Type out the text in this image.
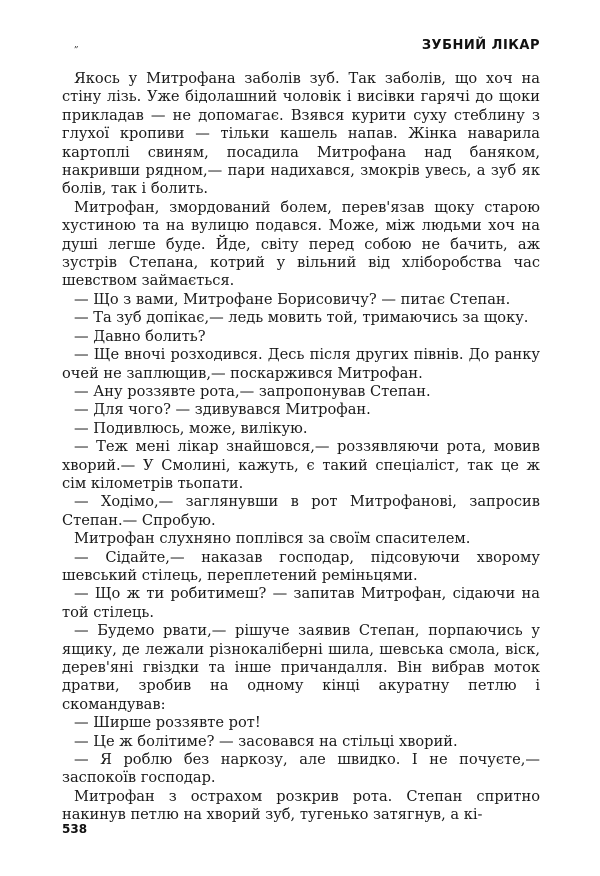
„	ЗУБНИЙ ЛІКАР

Якось у Митрофана заболів зуб. Так заболів, що хоч на стіну лізь. Уже бідолашний чоловік і висівки гарячі до щоки прикладав — не допомагає. Взявся курити суху стеблину з глухої кропиви — тільки кашель напав. Жінка наварила картоплі свиням, посадила Митрофана над баняком, накривши рядном,— пари надихався, змокрів увесь, а зуб як болів, так і болить.

Митрофан, змордований болем, перев'язав щоку старою хустиною та на вулицю подався. Може, між людьми хоч на душі легше буде. Йде, світу перед собою не бачить, аж зустрів Степана, котрий у вільний від хліборобства час шевством займається.

— Що з вами, Митрофане Борисовичу? — питає Степан.

— Та зуб допікає,— ледь мовить той, тримаючись за щоку.

— Давно болить?

— Ще вночі розходився. Десь після других півнів. До ранку очей не заплющив,— поскаржився Митрофан.

— Ану роззявте рота,— запропонував Степан.

— Для чого? — здивувався Митрофан.

— Подивлюсь, може, вилікую.

— Теж мені лікар знайшовся,— роззявляючи рота, мовив хворий.— У Смолині, кажуть, є такий спеціаліст, так це ж сім кілометрів тьопати.

— Ходімо,— заглянувши в рот Митрофанові, запросив Степан.— Спробую.

Митрофан слухняно поплівся за своїм спасителем.

— Сідайте,— наказав господар, підсовуючи хворому шевський стілець, переплетений реміньцями.

— Що ж ти робитимеш? — запитав Митрофан, сідаючи на той стілець.

— Будемо рвати,— рішуче заявив Степан, порпаючись у ящику, де лежали різнокаліберні шила, шевська смола, віск, дерев'яні гвіздки та інше причандалля. Він вибрав моток дратви, зробив на одному кінці акуратну петлю і скомандував:

— Ширше роззявте рот!

— Це ж болітиме? — засовався на стільці хворий.

— Я роблю без наркозу, але швидко. І не почуєте,— заспокоїв господар.

Митрофан з острахом розкрив рота. Степан спритно накинув петлю на хворий зуб, тугенько затягнув, а кі-

538
